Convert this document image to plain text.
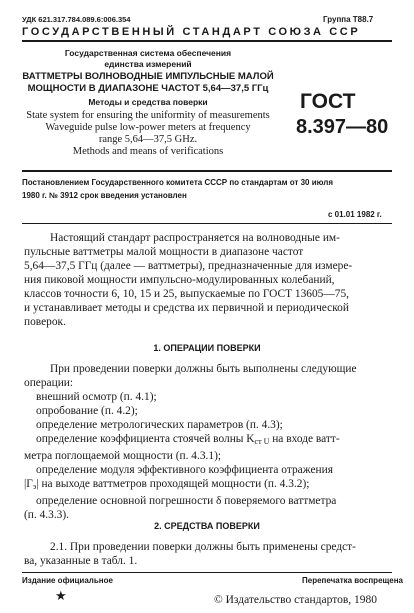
УДК 621.317.784.089.6:006.354	Группа Т88.7
ГОСУДАРСТВЕННЫЙ СТАНДАРТ СОЮЗА ССР
Государственная система обеспечения
единства измерений
ВАТТМЕТРЫ ВОЛНОВОДНЫЕ ИМПУЛЬСНЫЕ МАЛОЙ
МОЩНОСТИ В ДИАПАЗОНЕ ЧАСТОТ 5,64—37,5 ГГц
Методы и средства поверки
State system for ensuring the uniformity of measurements
Waveguide pulse low-power meters at frequency
range 5,64—37,5 GHz.
Methods and means of verifications
ГОСТ
8.397—80
Постановлением Государственного комитета СССР по стандартам от 30 июля
1980 г. № 3912 срок введения установлен
с 01.01 1982 г.
Настоящий стандарт распространяется на волноводные им-
пульсные ваттметры малой мощности в диапазоне частот
5,64—37,5 ГГц (далее — ваттметры), предназначенные для измере-
ния пиковой мощности импульсно-модулированных колебаний,
классов точности 6, 10, 15 и 25, выпускаемые по ГОСТ 13605—75,
и устанавливает методы и средства их первичной и периодической
поверок.
1. ОПЕРАЦИИ ПОВЕРКИ
При проведении поверки должны быть выполнены следующие
операции:
внешний осмотр (п. 4.1);
опробование (п. 4.2);
определение метрологических параметров (п. 4.3);
определение коэффициента стоячей волны $K_{ст U}$ на входе ватт-
метра поглощаемой мощности (п. 4.3.1);
определение модуля эффективного коэффициента отражения
$|Г_э|$ на выходе ваттметров проходящей мощности (п. 4.3.2);
определение основной погрешности δ поверяемого ваттметра
(п. 4.3.3).
2. СРЕДСТВА ПОВЕРКИ
2.1. При проведении поверки должны быть применены средст-
ва, указанные в табл. 1.
Издание официальное	Перепечатка воспрещена
★	© Издательство стандартов, 1980
